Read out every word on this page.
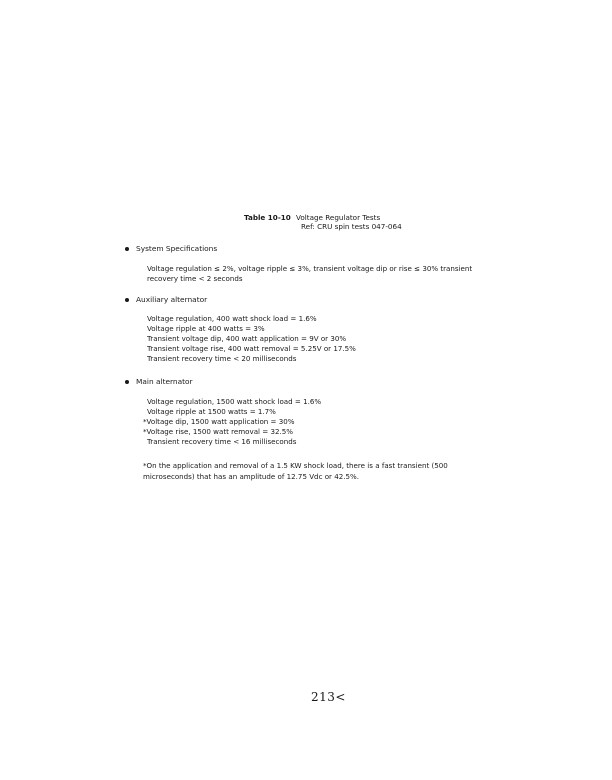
Table 10-10 Voltage Regulator Tests
Ref: CRU spin tests 047-064
System Specifications
Voltage regulation ≤ 2%, voltage ripple ≤ 3%, transient voltage dip or rise ≤ 30% transient recovery time < 2 seconds
Auxiliary alternator
Voltage regulation, 400 watt shock load = 1.6%
Voltage ripple at 400 watts = 3%
Transient voltage dip, 400 watt application = 9V or 30%
Transient voltage rise, 400 watt removal = 5.25V or 17.5%
Transient recovery time < 20 milliseconds
Main alternator
Voltage regulation, 1500 watt shock load = 1.6%
Voltage ripple at 1500 watts = 1.7%
*Voltage dip, 1500 watt application = 30%
*Voltage rise, 1500 watt removal = 32.5%
Transient recovery time < 16 milliseconds
*On the application and removal of a 1.5 KW shock load, there is a fast transient (500 microseconds) that has an amplitude of 12.75 Vdc or 42.5%.
213<
